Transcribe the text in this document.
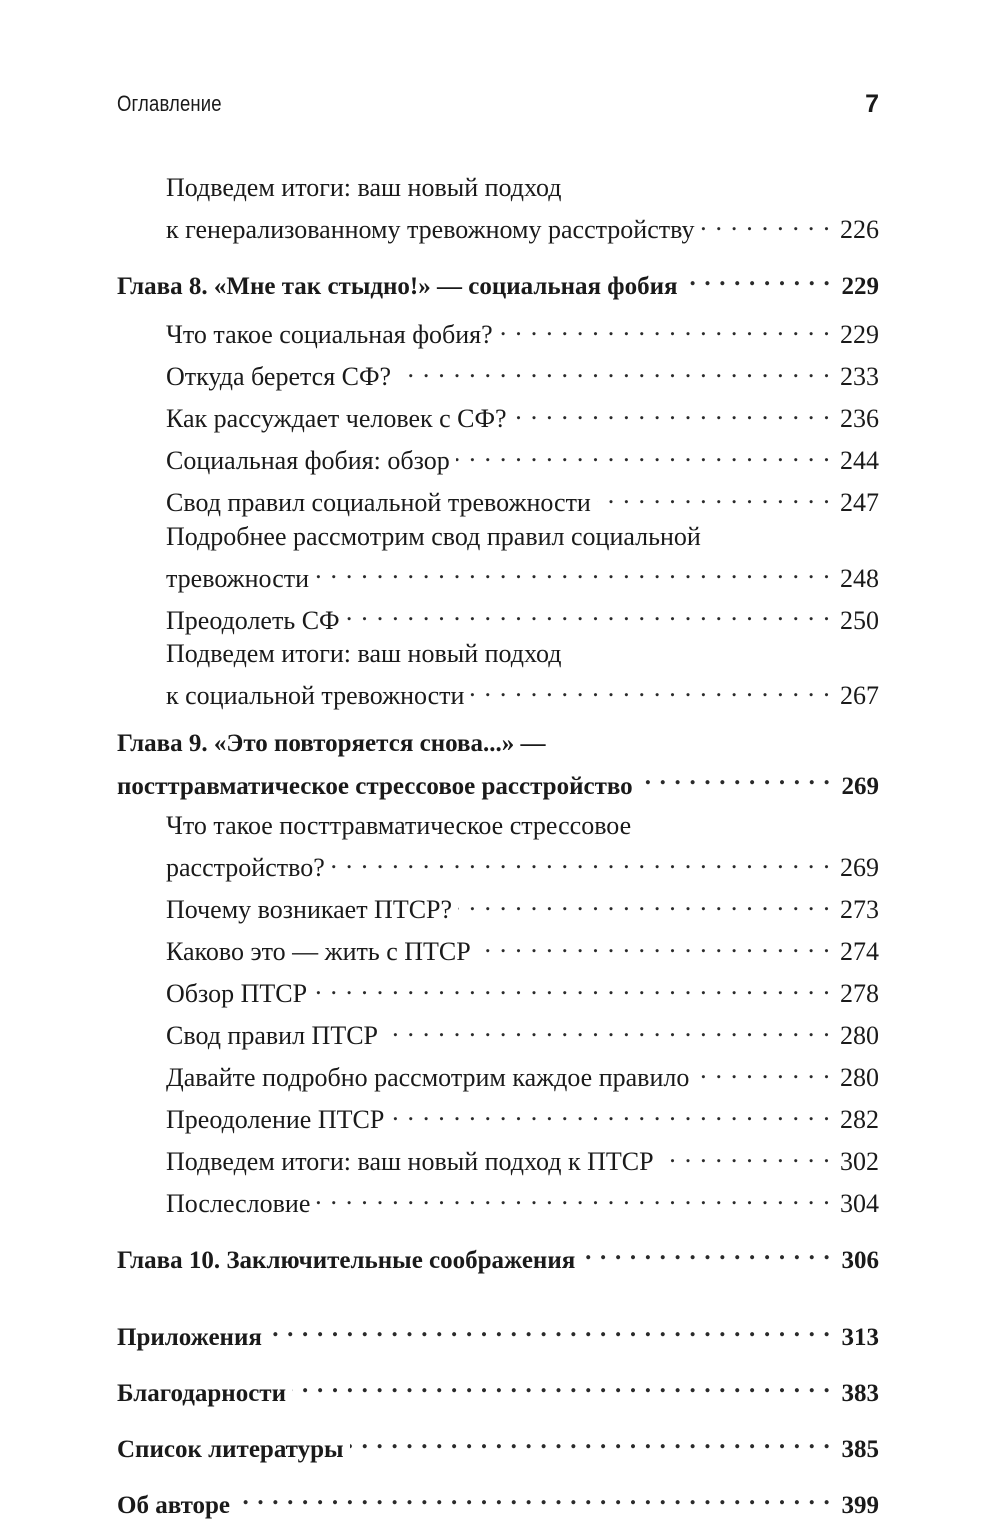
Оглавление	7
Подведем итоги: ваш новый подход
к генерализованному тревожному расстройству . . .	226
Глава 8. «Мне так стыдно!» — социальная фобия . . .	229
Что такое социальная фобия? . . .	229
Откуда берется СФ? . . .	233
Как рассуждает человек с СФ? . . .	236
Социальная фобия: обзор . . .	244
Свод правил социальной тревожности . . .	247
Подробнее рассмотрим свод правил социальной
тревожности . . .	248
Преодолеть СФ . . .	250
Подведем итоги: ваш новый подход
к социальной тревожности . . .	267
Глава 9. «Это повторяется снова...» —
посттравматическое стрессовое расстройство . . .	269
Что такое посттравматическое стрессовое
расстройство? . . .	269
Почему возникает ПТСР? . . .	273
Каково это — жить с ПТСР . . .	274
Обзор ПТСР . . .	278
Свод правил ПТСР . . .	280
Давайте подробно рассмотрим каждое правило . . .	280
Преодоление ПТСР . . .	282
Подведем итоги: ваш новый подход к ПТСР . . .	302
Послесловие . . .	304
Глава 10. Заключительные соображения . . .	306
Приложения . . .	313
Благодарности . . .	383
Список литературы . . .	385
Об авторе . . .	399
